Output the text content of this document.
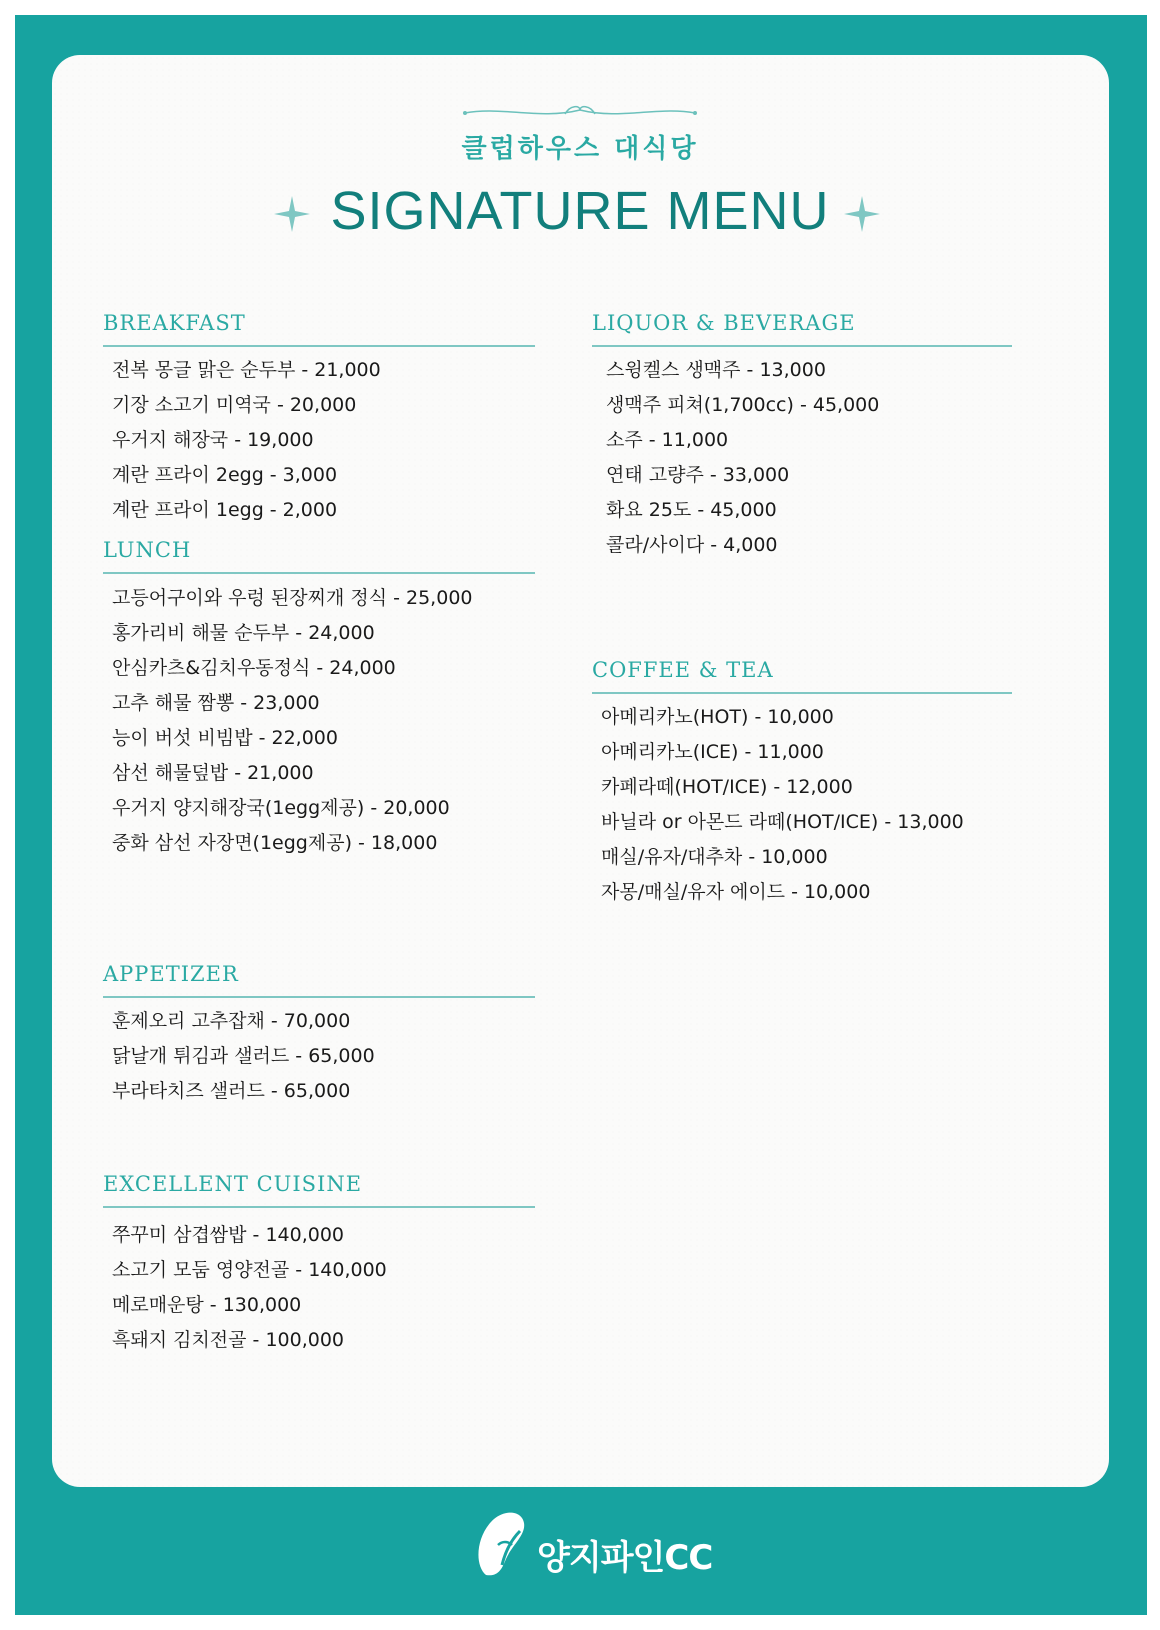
클럽하우스 대식당
SIGNATURE MENU
BREAKFAST
전복 몽글 맑은 순두부 - 21,000
기장 소고기 미역국 - 20,000
우거지 해장국 - 19,000
계란 프라이 2egg - 3,000
계란 프라이 1egg - 2,000
LUNCH
고등어구이와 우렁 된장찌개 정식 - 25,000
홍가리비 해물 순두부 - 24,000
안심카츠&김치우동정식 - 24,000
고추 해물 짬뽕 - 23,000
능이 버섯 비빔밥 - 22,000
삼선 해물덮밥 - 21,000
우거지 양지해장국(1egg제공) - 20,000
중화 삼선 자장면(1egg제공) - 18,000
APPETIZER
훈제오리 고추잡채 - 70,000
닭날개 튀김과 샐러드 - 65,000
부라타치즈 샐러드 - 65,000
EXCELLENT CUISINE
쭈꾸미 삼겹쌈밥 - 140,000
소고기 모둠 영양전골 - 140,000
메로매운탕 - 130,000
흑돼지 김치전골 - 100,000
LIQUOR & BEVERAGE
스윙켈스 생맥주 - 13,000
생맥주 피쳐(1,700cc) - 45,000
소주 - 11,000
연태 고량주 - 33,000
화요 25도 - 45,000
콜라/사이다 - 4,000
COFFEE & TEA
아메리카노(HOT) - 10,000
아메리카노(ICE) - 11,000
카페라떼(HOT/ICE) - 12,000
바닐라 or 아몬드 라떼(HOT/ICE) - 13,000
매실/유자/대추차 - 10,000
자몽/매실/유자 에이드 - 10,000
양지파인CC
